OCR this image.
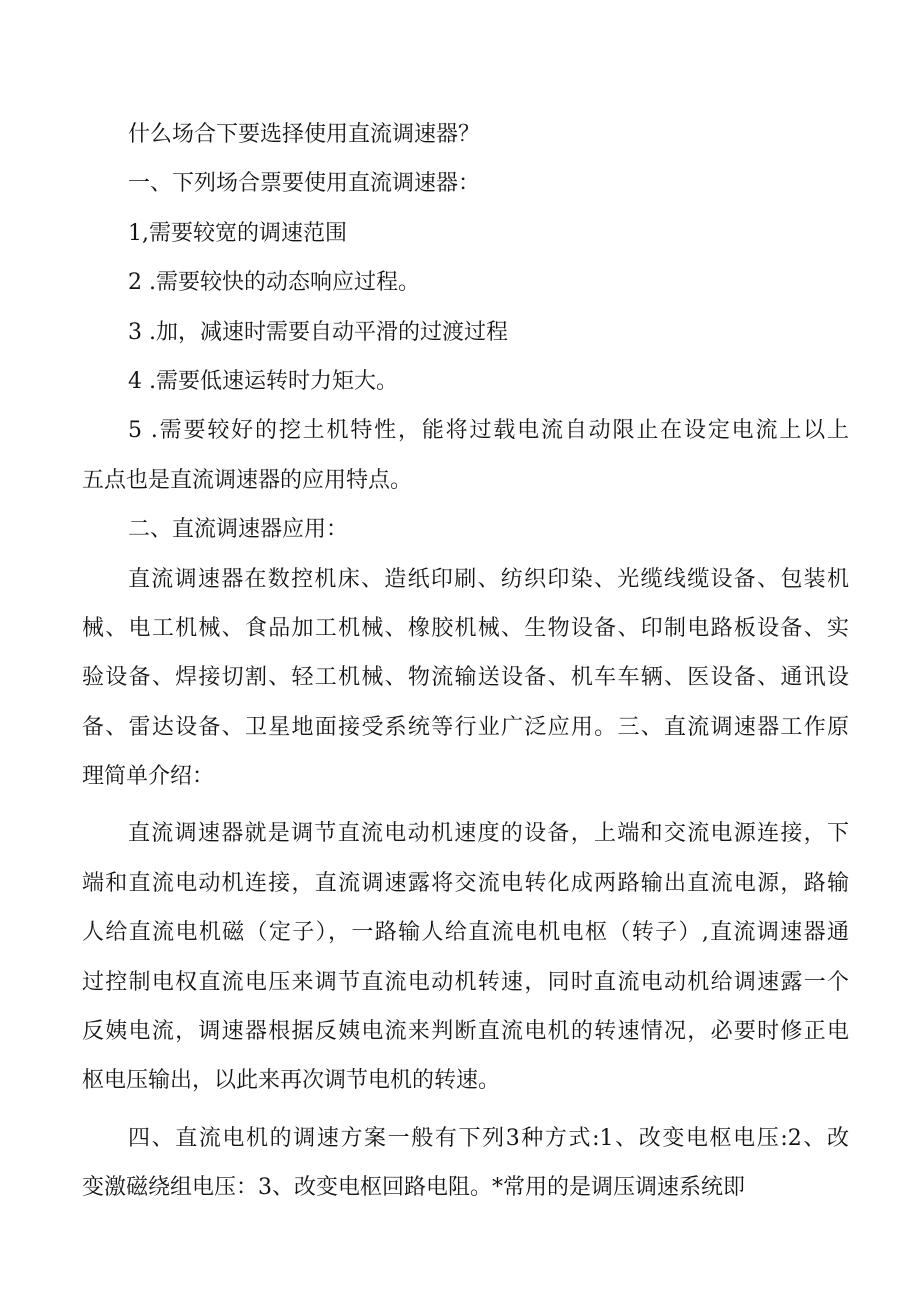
什么场合下要选择使用直流调速器？
一、下列场合票要使用直流调速器：
1,需要较宽的调速范围
2 .需要较快的动态响应过程。
3 .加，减速时需要自动平滑的过渡过程
4 .需要低速运转时力矩大。
5 .需要较好的挖土机特性，能将过载电流自动限止在设定电流上以上
五点也是直流调速器的应用特点。
二、直流调速器应用：
直流调速器在数控机床、造纸印刷、纺织印染、光缆线缆设备、包装机
械、电工机械、食品加工机械、橡胶机械、生物设备、印制电路板设备、实
验设备、焊接切割、轻工机械、物流输送设备、机车车辆、医设备、通讯设
备、雷达设备、卫星地面接受系统等行业广泛应用。三、直流调速器工作原
理简单介绍：
直流调速器就是调节直流电动机速度的设备，上端和交流电源连接，下
端和直流电动机连接，直流调速露将交流电转化成两路输出直流电源，路输
人给直流电机磁（定子），一路输人给直流电机电枢（转子）,直流调速器通
过控制电权直流电压来调节直流电动机转速，同时直流电动机给调速露一个
反姨电流，调速器根据反姨电流来判断直流电机的转速情况，必要时修正电
枢电压输出，以此来再次调节电机的转速。
四、直流电机的调速方案一般有下列3种方式:1、改变电枢电压:2、改
变激磁绕组电压：3、改变电枢回路电阻。*常用的是调压调速系统即
